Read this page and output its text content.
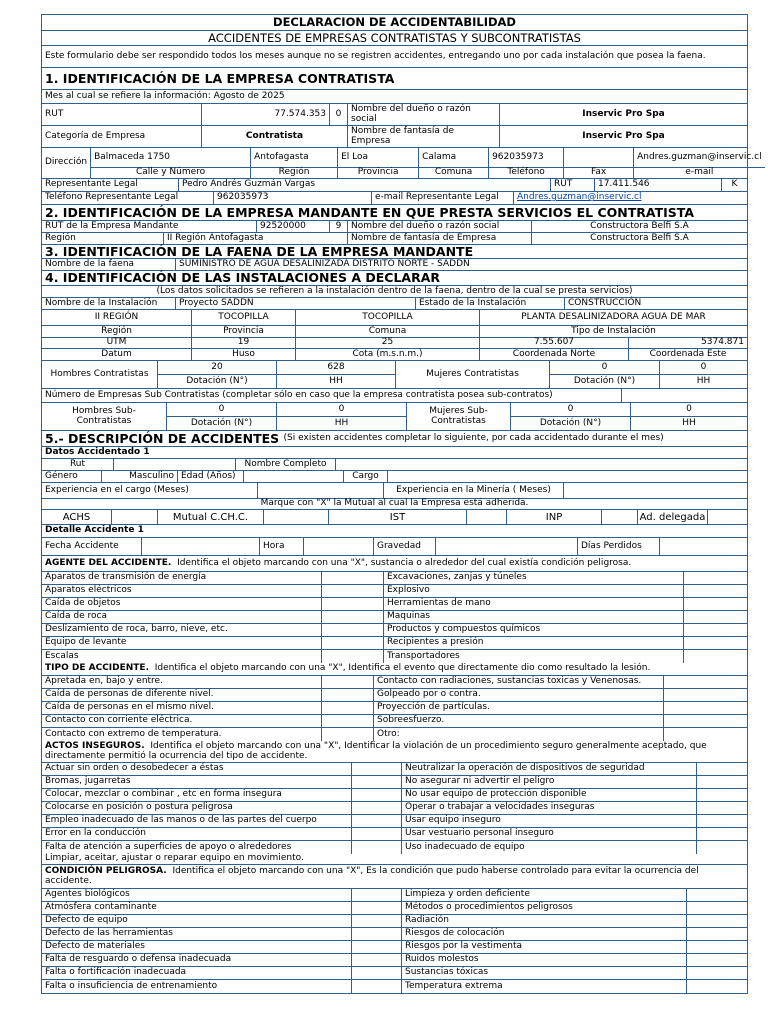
DECLARACION DE ACCIDENTABILIDAD
ACCIDENTES DE EMPRESAS CONTRATISTAS Y SUBCONTRATISTAS
Este formulario debe ser respondido todos los meses aunque no se registren accidentes, entregando uno por cada instalación que posea la faena.
1. IDENTIFICACIÓN DE LA EMPRESA CONTRATISTA
Mes al cual se refiere la información: Agosto de 2025
RUT	77.574.353	0	Nombre del dueño o razón social	Inservic Pro Spa
Categoría de Empresa	Contratista	Nombre de fantasía de Empresa	Inservic Pro Spa
Dirección
Balmaceda 1750	Antofagasta	El Loa	Calama	962035973	Andres.guzman@inservic.cl
Calle y Número	Región	Provincia	Comuna	Teléfono	Fax	e-mail
Representante Legal	Pedro Andrés Guzmán Vargas	RUT	17.411.546	K
Teléfono Representante Legal	962035973	e-mail Representante Legal	Andres.guzman@inservic.cl
2. IDENTIFICACIÓN DE LA EMPRESA MANDANTE EN QUE PRESTA SERVICIOS EL CONTRATISTA
RUT de la Empresa Mandante	92520000	9	Nombre del dueño o razón social	Constructora Belfi S.A
Región	II Región Antofagasta	Nombre de fantasía de Empresa	Constructora Belfi S.A
3. IDENTIFICACIÓN DE LA FAENA DE LA EMPRESA MANDANTE
Nombre de la faena	SUMINISTRO DE AGUA DESALINIZADA DISTRITO NORTE - SADDN
4. IDENTIFICACIÓN DE LAS INSTALACIONES A DECLARAR
(Los datos solicitados se refieren a la instalación dentro de la faena, dentro de la cual se presta servicios)
Nombre de la Instalación	Proyecto SADDN	Estado de la Instalación	CONSTRUCCIÓN
II REGIÓN	TOCOPILLA	TOCOPILLA	PLANTA DESALINIZADORA AGUA DE MAR
Región	Provincia	Comuna	Tipo de Instalación
UTM	19	25	7.55.607	5374.871
Datum	Huso	Cota (m.s.n.m.)	Coordenada Norte	Coordenada Este
Hombres Contratistas
20	628
Dotación (N°)	HH
Mujeres Contratistas
0	0
Dotación (N°)	HH
Número de Empresas Sub Contratistas (completar sólo en caso que la empresa contratista posea sub-contratos)
Hombres Sub-Contratistas
0	0
Dotación (N°)	HH
Mujeres Sub-Contratistas
0	0
Dotación (N°)	HH
5.- DESCRIPCIÓN DE ACCIDENTES
(Si existen accidentes completar lo siguiente, por cada accidentado durante el mes)
Datos Accidentado 1
Rut	Nombre Completo
Género	Masculino Edad (Años)	Cargo
Experiencia en el cargo (Meses)	Experiencia en la Minería ( Meses)
Marque con "X" la Mutual al cual la Empresa está adherida.
ACHS	Mutual C.CH.C.	IST	INP	Ad. delegada
Detalle Accidente 1
Fecha Accidente	Hora	Gravedad	Días Perdidos
AGENTE DEL ACCIDENTE.
Identifica el objeto marcando con una "X", sustancia o alrededor del cual existía condición peligrosa.
Aparatos de transmisión de energía	Excavaciones, zanjas y túneles
Aparatos eléctricos	Explosivo
Caída de objetos	Herramientas de mano
Caída de roca	Maquinas
Deslizamiento de roca, barro, nieve, etc.	Productos y compuestos químicos
Equipo de levante	Recipientes a presión
Escalas	Transportadores
TIPO DE ACCIDENTE.
Identifica el objeto marcando con una "X", Identifica el evento que directamente dio como resultado la lesión.
Apretada en, bajo y entre.	Contacto con radiaciones, sustancias toxicas y Venenosas.
Caída de personas de diferente nivel.	Golpeado por o contra.
Caída de personas en el mismo nivel.	Proyección de partículas.
Contacto con corriente eléctrica.	Sobreesfuerzo.
Contacto con extremo de temperatura.	Otro:
ACTOS INSEGUROS. Identifica el objeto marcando con una "X", Identificar la violación de un procedimiento seguro generalmente aceptado, que directamente permitió la ocurrencia del tipo de accidente.
Actuar sin orden o desobedecer a éstas	Neutralizar la operación de dispositivos de seguridad
Bromas, jugarretas	No asegurar ni advertir el peligro
Colocar, mezclar o combinar , etc en forma insegura	No usar equipo de protección disponible
Colocarse en posición o postura peligrosa	Operar o trabajar a velocidades inseguras
Empleo inadecuado de las manos o de las partes del cuerpo	Usar equipo inseguro
Error en la conducción	Usar vestuario personal inseguro
Falta de atención a superficies de apoyo o alrededores	Uso inadecuado de equipo
Limpiar, aceitar, ajustar o reparar equipo en movimiento.
CONDICIÓN PELIGROSA. Identifica el objeto marcando con una "X", Es la condición que pudo haberse controlado para evitar la ocurrencia del accidente.
Agentes biológicos	Limpieza y orden deficiente
Atmósfera contaminante	Métodos o procedimientos peligrosos
Defecto de equipo	Radiación
Defecto de las herramientas	Riesgos de colocación
Defecto de materiales	Riesgos por la vestimenta
Falta de resguardo o defensa inadecuada	Ruidos molestos
Falta o fortificación inadecuada	Sustancias tóxicas
Falta o insuficiencia de entrenamiento	Temperatura extrema
